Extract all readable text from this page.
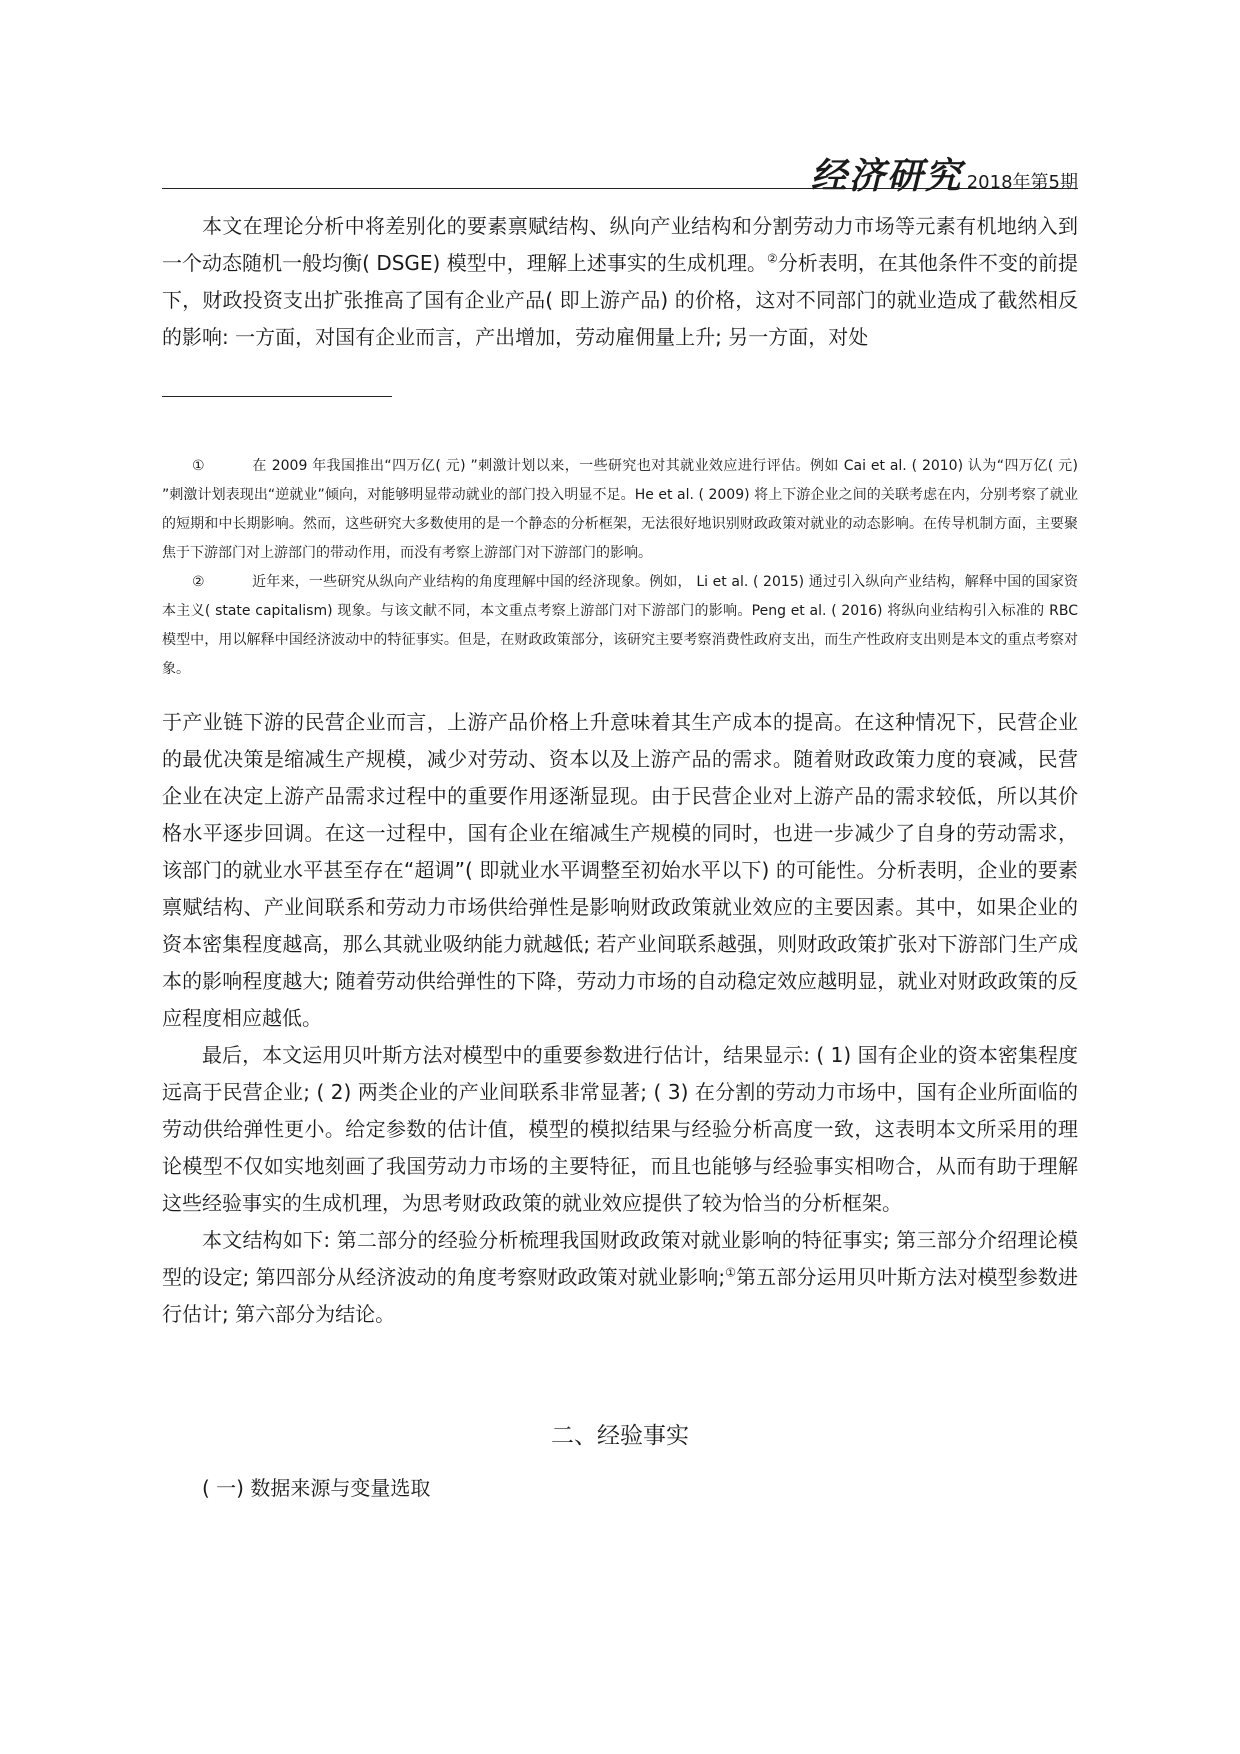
经济研究 2018年第5期

本文在理论分析中将差别化的要素禀赋结构、纵向产业结构和分割劳动力市场等元素有机地纳入到一个动态随机一般均衡( DSGE) 模型中，理解上述事实的生成机理。②分析表明，在其他条件不变的前提下，财政投资支出扩张推高了国有企业产品( 即上游产品) 的价格，这对不同部门的就业造成了截然相反的影响: 一方面，对国有企业而言，产出增加，劳动雇佣量上升; 另一方面，对处

①	在 2009 年我国推出“四万亿( 元) ”刺激计划以来，一些研究也对其就业效应进行评估。例如 Cai et al. ( 2010) 认为“四万亿( 元) ”刺激计划表现出“逆就业”倾向，对能够明显带动就业的部门投入明显不足。He et al. ( 2009) 将上下游企业之间的关联考虑在内，分别考察了就业的短期和中长期影响。然而，这些研究大多数使用的是一个静态的分析框架，无法很好地识别财政政策对就业的动态影响。在传导机制方面，主要聚焦于下游部门对上游部门的带动作用，而没有考察上游部门对下游部门的影响。

②	近年来，一些研究从纵向产业结构的角度理解中国的经济现象。例如， Li et al. ( 2015) 通过引入纵向产业结构，解释中国的国家资本主义( state capitalism) 现象。与该文献不同，本文重点考察上游部门对下游部门的影响。Peng et al. ( 2016) 将纵向业结构引入标准的 RBC 模型中，用以解释中国经济波动中的特征事实。但是，在财政政策部分，该研究主要考察消费性政府支出，而生产性政府支出则是本文的重点考察对象。

于产业链下游的民营企业而言，上游产品价格上升意味着其生产成本的提高。在这种情况下，民营企业的最优决策是缩减生产规模，减少对劳动、资本以及上游产品的需求。随着财政政策力度的衰减，民营企业在决定上游产品需求过程中的重要作用逐渐显现。由于民营企业对上游产品的需求较低，所以其价格水平逐步回调。在这一过程中，国有企业在缩减生产规模的同时，也进一步减少了自身的劳动需求，该部门的就业水平甚至存在“超调”( 即就业水平调整至初始水平以下) 的可能性。分析表明，企业的要素禀赋结构、产业间联系和劳动力市场供给弹性是影响财政政策就业效应的主要因素。其中，如果企业的资本密集程度越高，那么其就业吸纳能力就越低; 若产业间联系越强，则财政政策扩张对下游部门生产成本的影响程度越大; 随着劳动供给弹性的下降，劳动力市场的自动稳定效应越明显，就业对财政政策的反应程度相应越低。

最后，本文运用贝叶斯方法对模型中的重要参数进行估计，结果显示: ( 1) 国有企业的资本密集程度远高于民营企业; ( 2) 两类企业的产业间联系非常显著; ( 3) 在分割的劳动力市场中，国有企业所面临的劳动供给弹性更小。给定参数的估计值，模型的模拟结果与经验分析高度一致，这表明本文所采用的理论模型不仅如实地刻画了我国劳动力市场的主要特征，而且也能够与经验事实相吻合，从而有助于理解这些经验事实的生成机理，为思考财政政策的就业效应提供了较为恰当的分析框架。

本文结构如下: 第二部分的经验分析梳理我国财政政策对就业影响的特征事实; 第三部分介绍理论模型的设定; 第四部分从经济波动的角度考察财政政策对就业影响;①第五部分运用贝叶斯方法对模型参数进行估计; 第六部分为结论。

二、经验事实
( 一) 数据来源与变量选取
